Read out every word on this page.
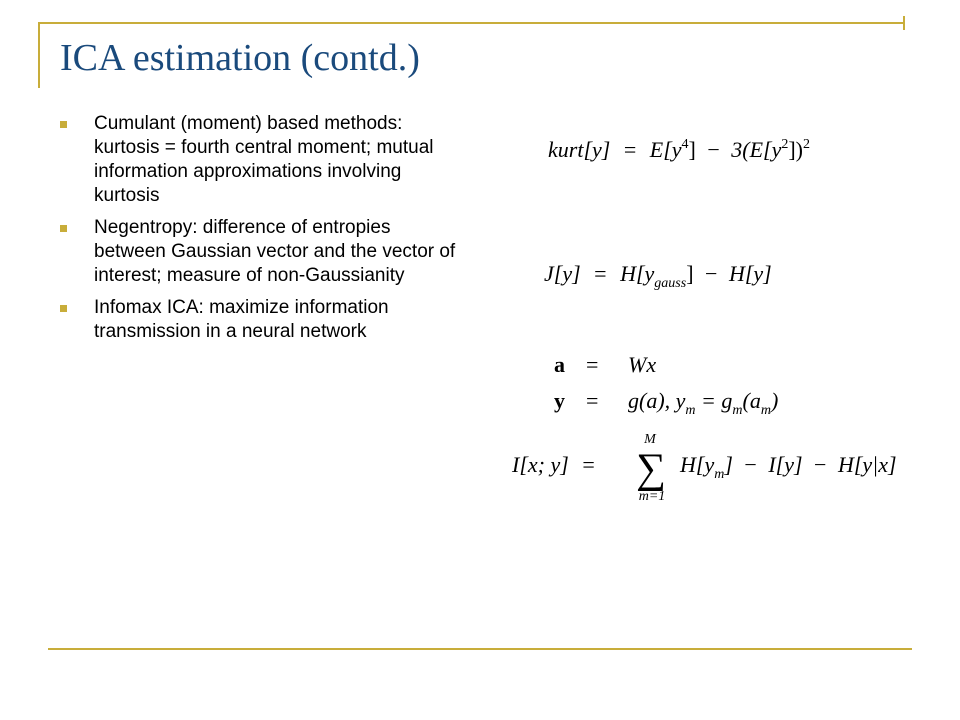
ICA estimation (contd.)
Cumulant (moment) based methods: kurtosis = fourth central moment; mutual information approximations involving kurtosis
Negentropy: difference of entropies between Gaussian vector and the vector of interest; measure of non-Gaussianity
Infomax ICA: maximize information transmission in a neural network
kurt[y] = $E[y^4] - 3(E[y^2])^2$
$J[y] = H[y_{gauss}] - H[y]$
a = Wx
y = g(a), $y_m = g_m(a_m)$
I[x; y] = ∑
M
m=1
$H[y_m] - I[y] - H[y|x]$
